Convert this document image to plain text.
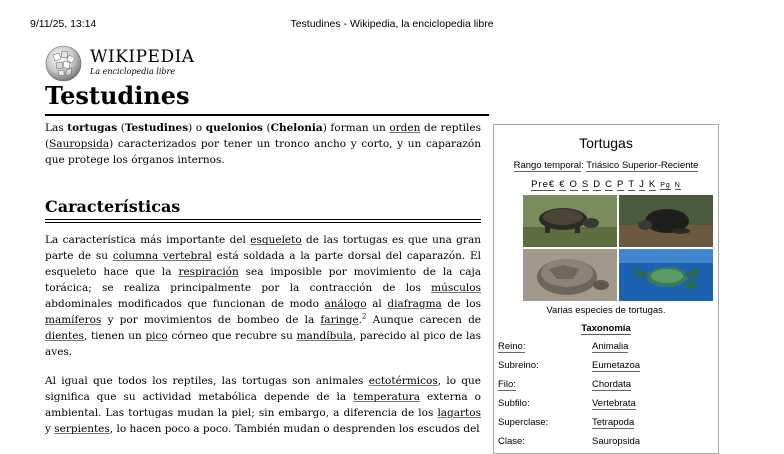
9/11/25, 13:14	Testudines - Wikipedia, la enciclopedia libre
WIKIPEDIA
La enciclopedia libre
Testudines
Las tortugas (Testudines) o quelonios (Chelonia) forman un orden de reptiles (Sauropsida) caracterizados por tener un tronco ancho y corto, y un caparazón que protege los órganos internos.
Características
La característica más importante del esqueleto de las tortugas es que una gran parte de su columna vertebral está soldada a la parte dorsal del caparazón. El esqueleto hace que la respiración sea imposible por movimiento de la caja torácica; se realiza principalmente por la contracción de los músculos abdominales modificados que funcionan de modo análogo al diafragma de los mamíferos y por movimientos de bombeo de la faringe.$^2$ Aunque carecen de dientes, tienen un pico córneo que recubre su mandíbula, parecido al pico de las aves.
Al igual que todos los reptiles, las tortugas son animales ectotérmicos, lo que significa que su actividad metabólica depende de la temperatura externa o ambiental. Las tortugas mudan la piel; sin embargo, a diferencia de los lagartos y serpientes, lo hacen poco a poco. También mudan o desprenden los escudos del
Tortugas
Rango temporal: Triásico Superior-Reciente
Pre€ € O S D C P T J K Pg N
Varias especies de tortugas.
Taxonomía
Reino:	Animalia
Subreino:	Eumetazoa
Filo:	Chordata
Subfilo:	Vertebrata
Superclase:	Tetrapoda
Clase:	Sauropsida
